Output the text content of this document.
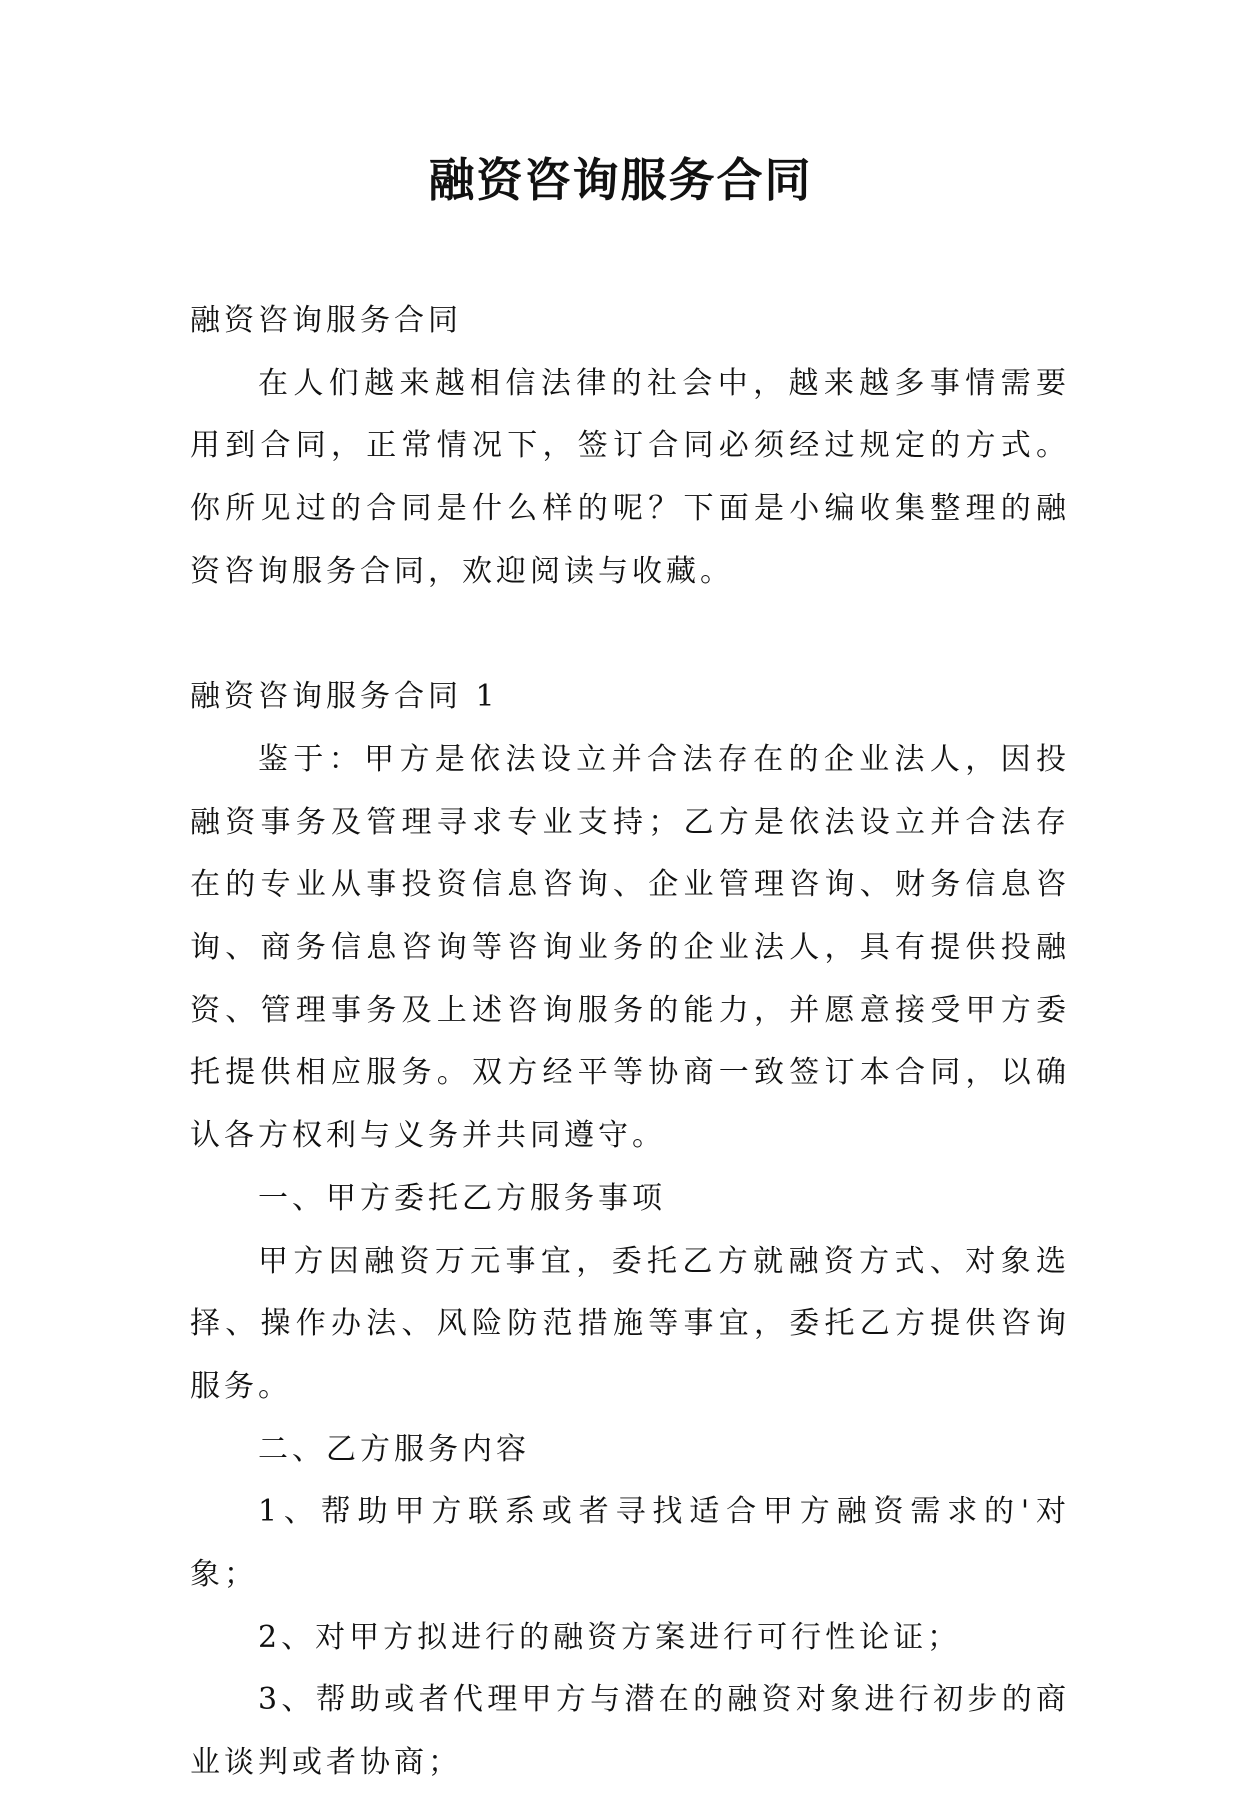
融资咨询服务合同

融资咨询服务合同

在人们越来越相信法律的社会中，越来越多事情需要用到合同，正常情况下，签订合同必须经过规定的方式。你所见过的合同是什么样的呢？下面是小编收集整理的融资咨询服务合同，欢迎阅读与收藏。

融资咨询服务合同 1

鉴于：甲方是依法设立并合法存在的企业法人，因投融资事务及管理寻求专业支持；乙方是依法设立并合法存在的专业从事投资信息咨询、企业管理咨询、财务信息咨询、商务信息咨询等咨询业务的企业法人，具有提供投融资、管理事务及上述咨询服务的能力，并愿意接受甲方委托提供相应服务。双方经平等协商一致签订本合同，以确认各方权利与义务并共同遵守。

一、甲方委托乙方服务事项

甲方因融资万元事宜，委托乙方就融资方式、对象选择、操作办法、风险防范措施等事宜，委托乙方提供咨询服务。

二、乙方服务内容

1、帮助甲方联系或者寻找适合甲方融资需求的'对象；

2、对甲方拟进行的融资方案进行可行性论证；

3、帮助或者代理甲方与潜在的融资对象进行初步的商业谈判或者协商；
